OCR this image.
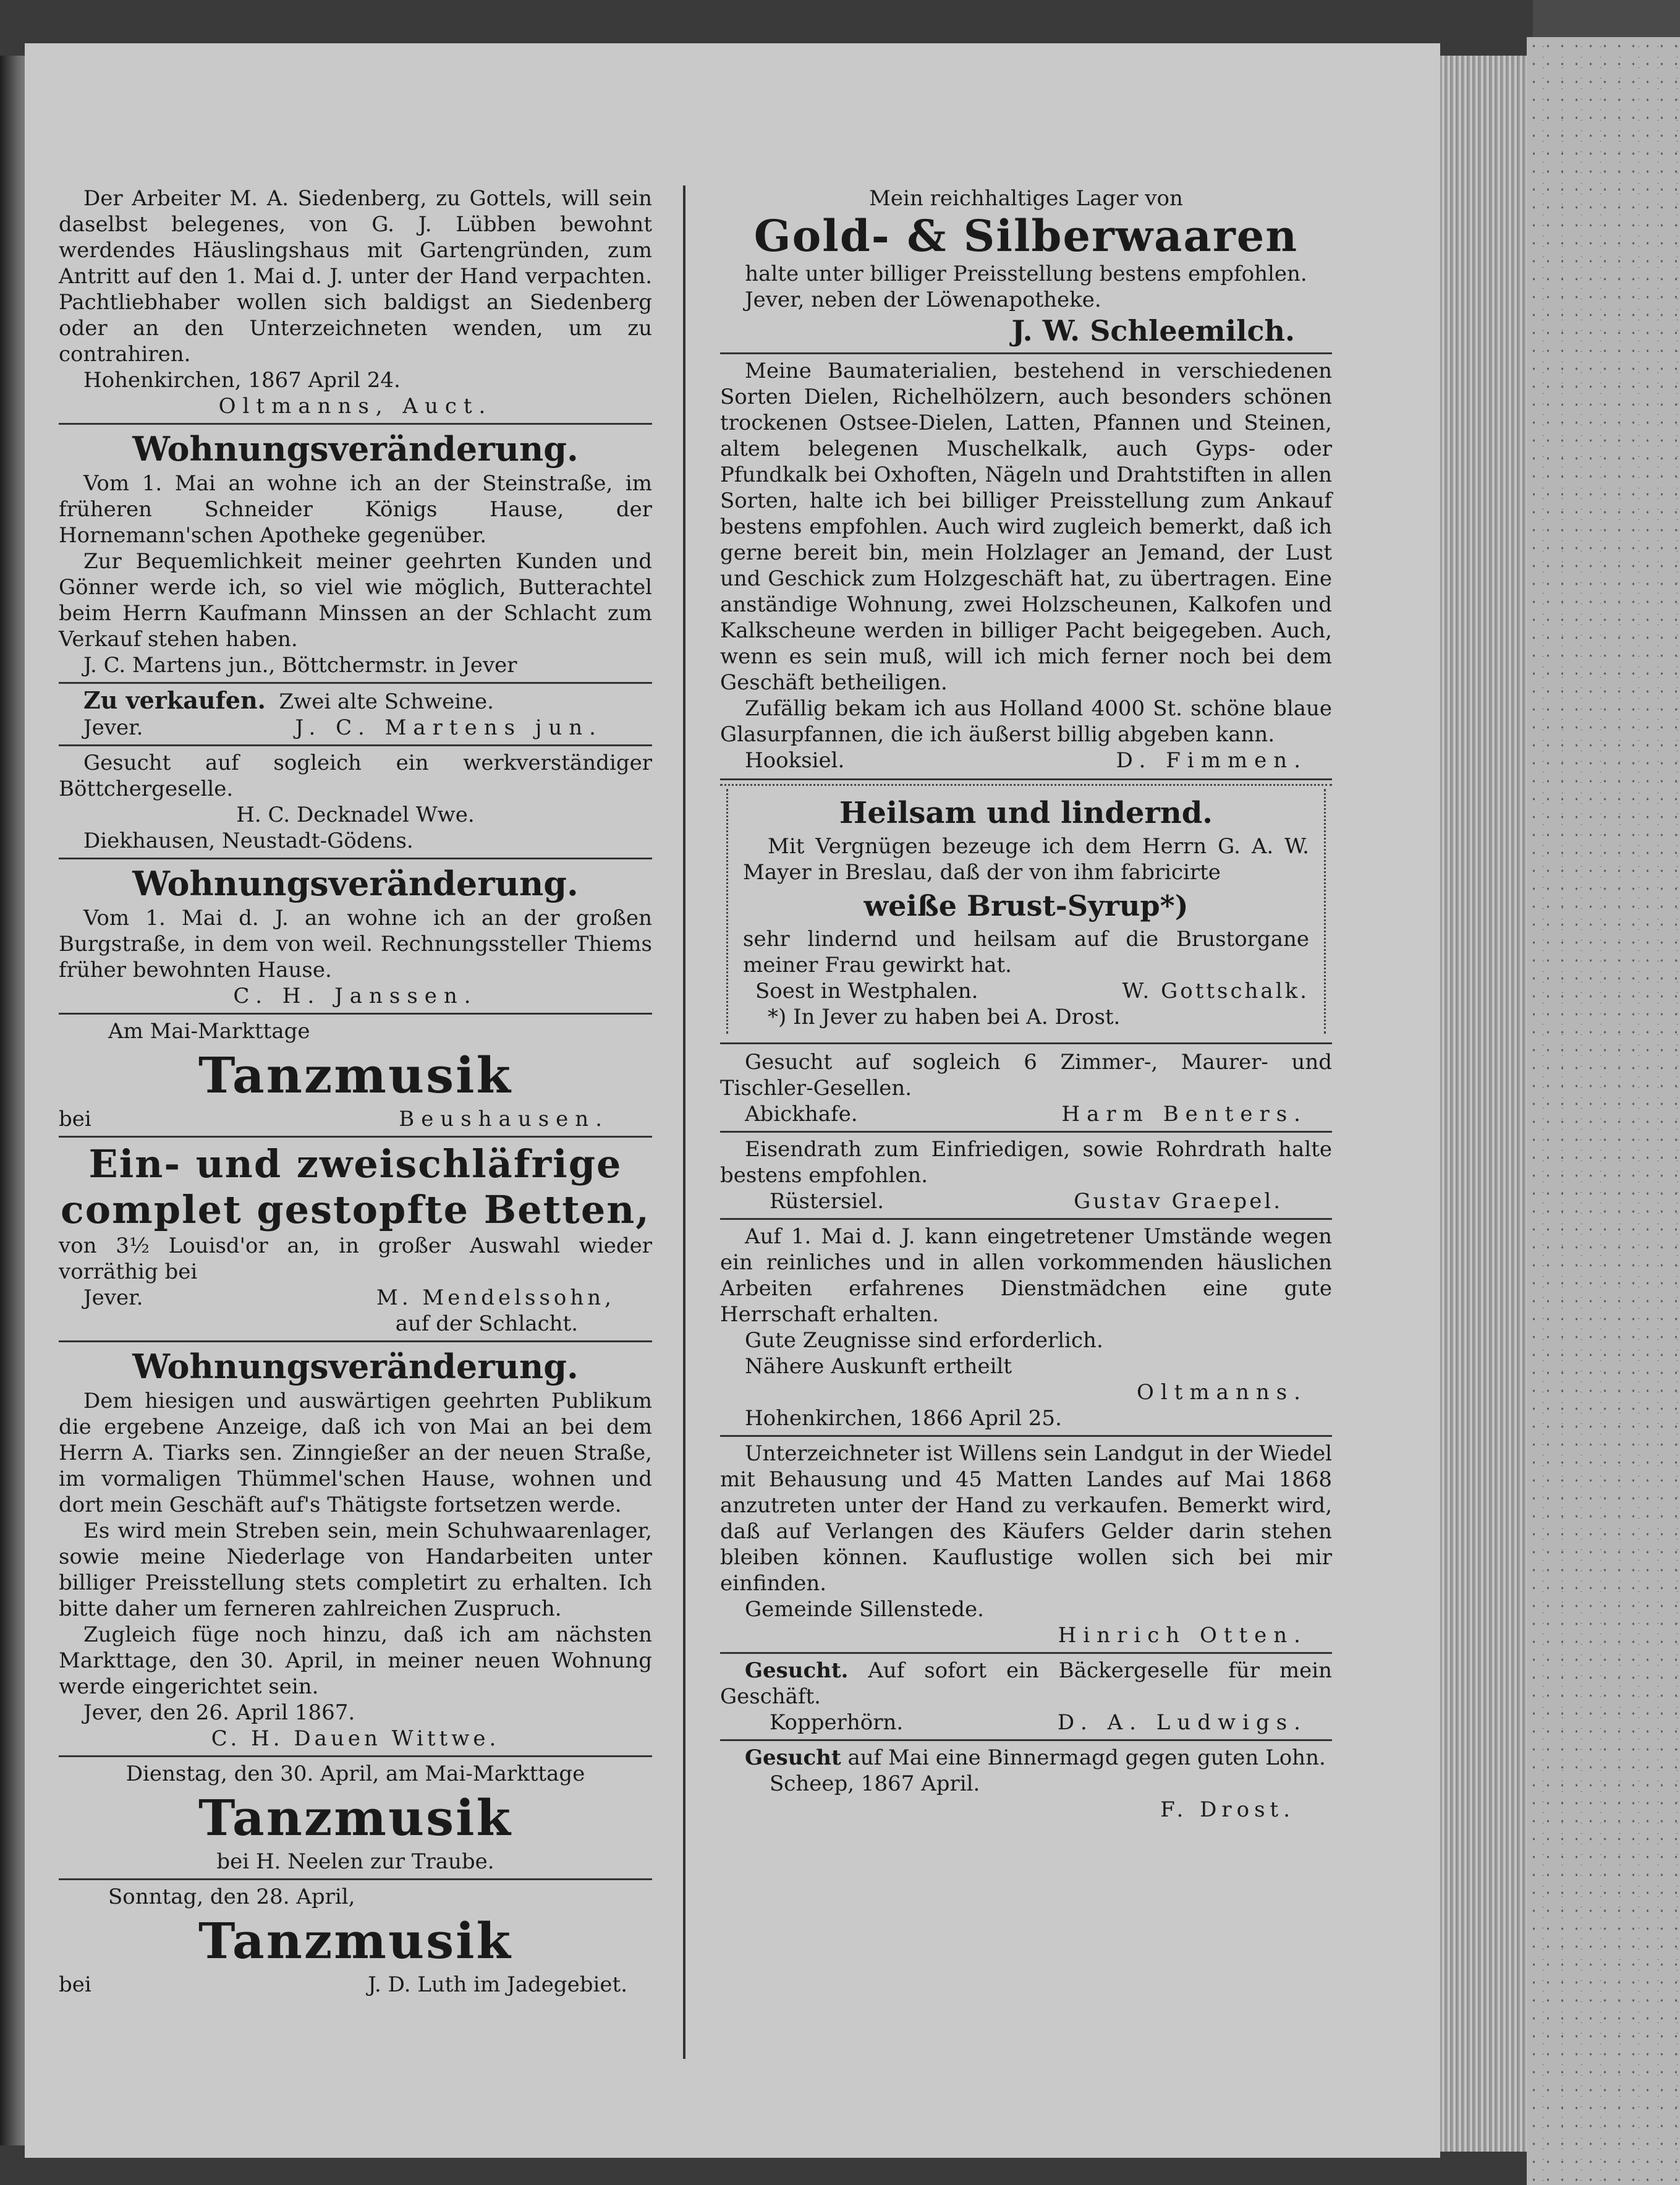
Der Arbeiter M. A. Siedenberg, zu Gottels, will sein daselbst belegenes, von G. J. Lübben bewohnt werdendes Häuslingshaus mit Gartengründen, zum Antritt auf den 1. Mai d. J. unter der Hand verpachten. Pachtliebhaber wollen sich baldigst an Siedenberg oder an den Unterzeichneten wenden, um zu contrahiren.

Hohenkirchen, 1867 April 24.

Oltmanns, Auct.

Wohnungsveränderung.

Vom 1. Mai an wohne ich an der Steinstraße, im früheren Schneider Königs Hause, der Hornemann'schen Apotheke gegenüber.

Zur Bequemlichkeit meiner geehrten Kunden und Gönner werde ich, so viel wie möglich, Butterachtel beim Herrn Kaufmann Minssen an der Schlacht zum Verkauf stehen haben.

J. C. Martens jun., Böttchermstr. in Jever

Zu verkaufen. Zwei alte Schweine.

Jever.	J. C. Martens jun.

Gesucht auf sogleich ein werkverständiger Böttchergeselle.

H. C. Decknadel Wwe.

Diekhausen, Neustadt-Gödens.

Wohnungsveränderung.

Vom 1. Mai d. J. an wohne ich an der großen Burgstraße, in dem von weil. Rechnungssteller Thiems früher bewohnten Hause.

C. H. Janssen.

Am Mai-Markttage

Tanzmusik
bei	Beushausen.
Ein- und zweischläfrige complet gestopfte Betten,

von 3½ Louisd'or an, in großer Auswahl wieder vorräthig bei

Jever.	M. Mendelssohn,

auf der Schlacht.

Wohnungsveränderung.

Dem hiesigen und auswärtigen geehrten Publikum die ergebene Anzeige, daß ich von Mai an bei dem Herrn A. Tiarks sen. Zinngießer an der neuen Straße, im vormaligen Thümmel'schen Hause, wohnen und dort mein Geschäft auf's Thätigste fortsetzen werde.

Es wird mein Streben sein, mein Schuhwaarenlager, sowie meine Niederlage von Handarbeiten unter billiger Preisstellung stets completirt zu erhalten. Ich bitte daher um ferneren zahlreichen Zuspruch.

Zugleich füge noch hinzu, daß ich am nächsten Markttage, den 30. April, in meiner neuen Wohnung werde eingerichtet sein.

Jever, den 26. April 1867.

C. H. Dauen Wittwe.

Dienstag, den 30. April, am Mai-Markttage

Tanzmusik

bei H. Neelen zur Traube.

Sonntag, den 28. April,

Tanzmusik
bei	J. D. Luth im Jadegebiet.

Mein reichhaltiges Lager von

Gold- & Silberwaaren

halte unter billiger Preisstellung bestens empfohlen.

Jever, neben der Löwenapotheke.

J. W. Schleemilch.

Meine Baumaterialien, bestehend in verschiedenen Sorten Dielen, Richelhölzern, auch besonders schönen trockenen Ostsee-Dielen, Latten, Pfannen und Steinen, altem belegenen Muschelkalk, auch Gyps- oder Pfundkalk bei Oxhoften, Nägeln und Drahtstiften in allen Sorten, halte ich bei billiger Preisstellung zum Ankauf bestens empfohlen. Auch wird zugleich bemerkt, daß ich gerne bereit bin, mein Holzlager an Jemand, der Lust und Geschick zum Holzgeschäft hat, zu übertragen. Eine anständige Wohnung, zwei Holzscheunen, Kalkofen und Kalkscheune werden in billiger Pacht beigegeben. Auch, wenn es sein muß, will ich mich ferner noch bei dem Geschäft betheiligen.

Zufällig bekam ich aus Holland 4000 St. schöne blaue Glasurpfannen, die ich äußerst billig abgeben kann.

Hooksiel.	D. Fimmen.
Heilsam und lindernd.

Mit Vergnügen bezeuge ich dem Herrn G. A. W. Mayer in Breslau, daß der von ihm fabricirte

weiße Brust-Syrup*)

sehr lindernd und heilsam auf die Brustorgane meiner Frau gewirkt hat.

Soest in Westphalen.	W. Gottschalk.

*) In Jever zu haben bei A. Drost.

Gesucht auf sogleich 6 Zimmer-, Maurer- und Tischler-Gesellen.

Abickhafe.	Harm Benters.

Eisendrath zum Einfriedigen, sowie Rohrdrath halte bestens empfohlen.

Rüstersiel.	Gustav Graepel.

Auf 1. Mai d. J. kann eingetretener Umstände wegen ein reinliches und in allen vorkommenden häuslichen Arbeiten erfahrenes Dienstmädchen eine gute Herrschaft erhalten.

Gute Zeugnisse sind erforderlich.

Nähere Auskunft ertheilt

Oltmanns.

Hohenkirchen, 1866 April 25.

Unterzeichneter ist Willens sein Landgut in der Wiedel mit Behausung und 45 Matten Landes auf Mai 1868 anzutreten unter der Hand zu verkaufen. Bemerkt wird, daß auf Verlangen des Käufers Gelder darin stehen bleiben können. Kauflustige wollen sich bei mir einfinden.

Gemeinde Sillenstede.

Hinrich Otten.

Gesucht. Auf sofort ein Bäckergeselle für mein Geschäft.

Kopperhörn.	D. A. Ludwigs.

Gesucht auf Mai eine Binnermagd gegen guten Lohn.

Scheep, 1867 April.

F. Drost.
